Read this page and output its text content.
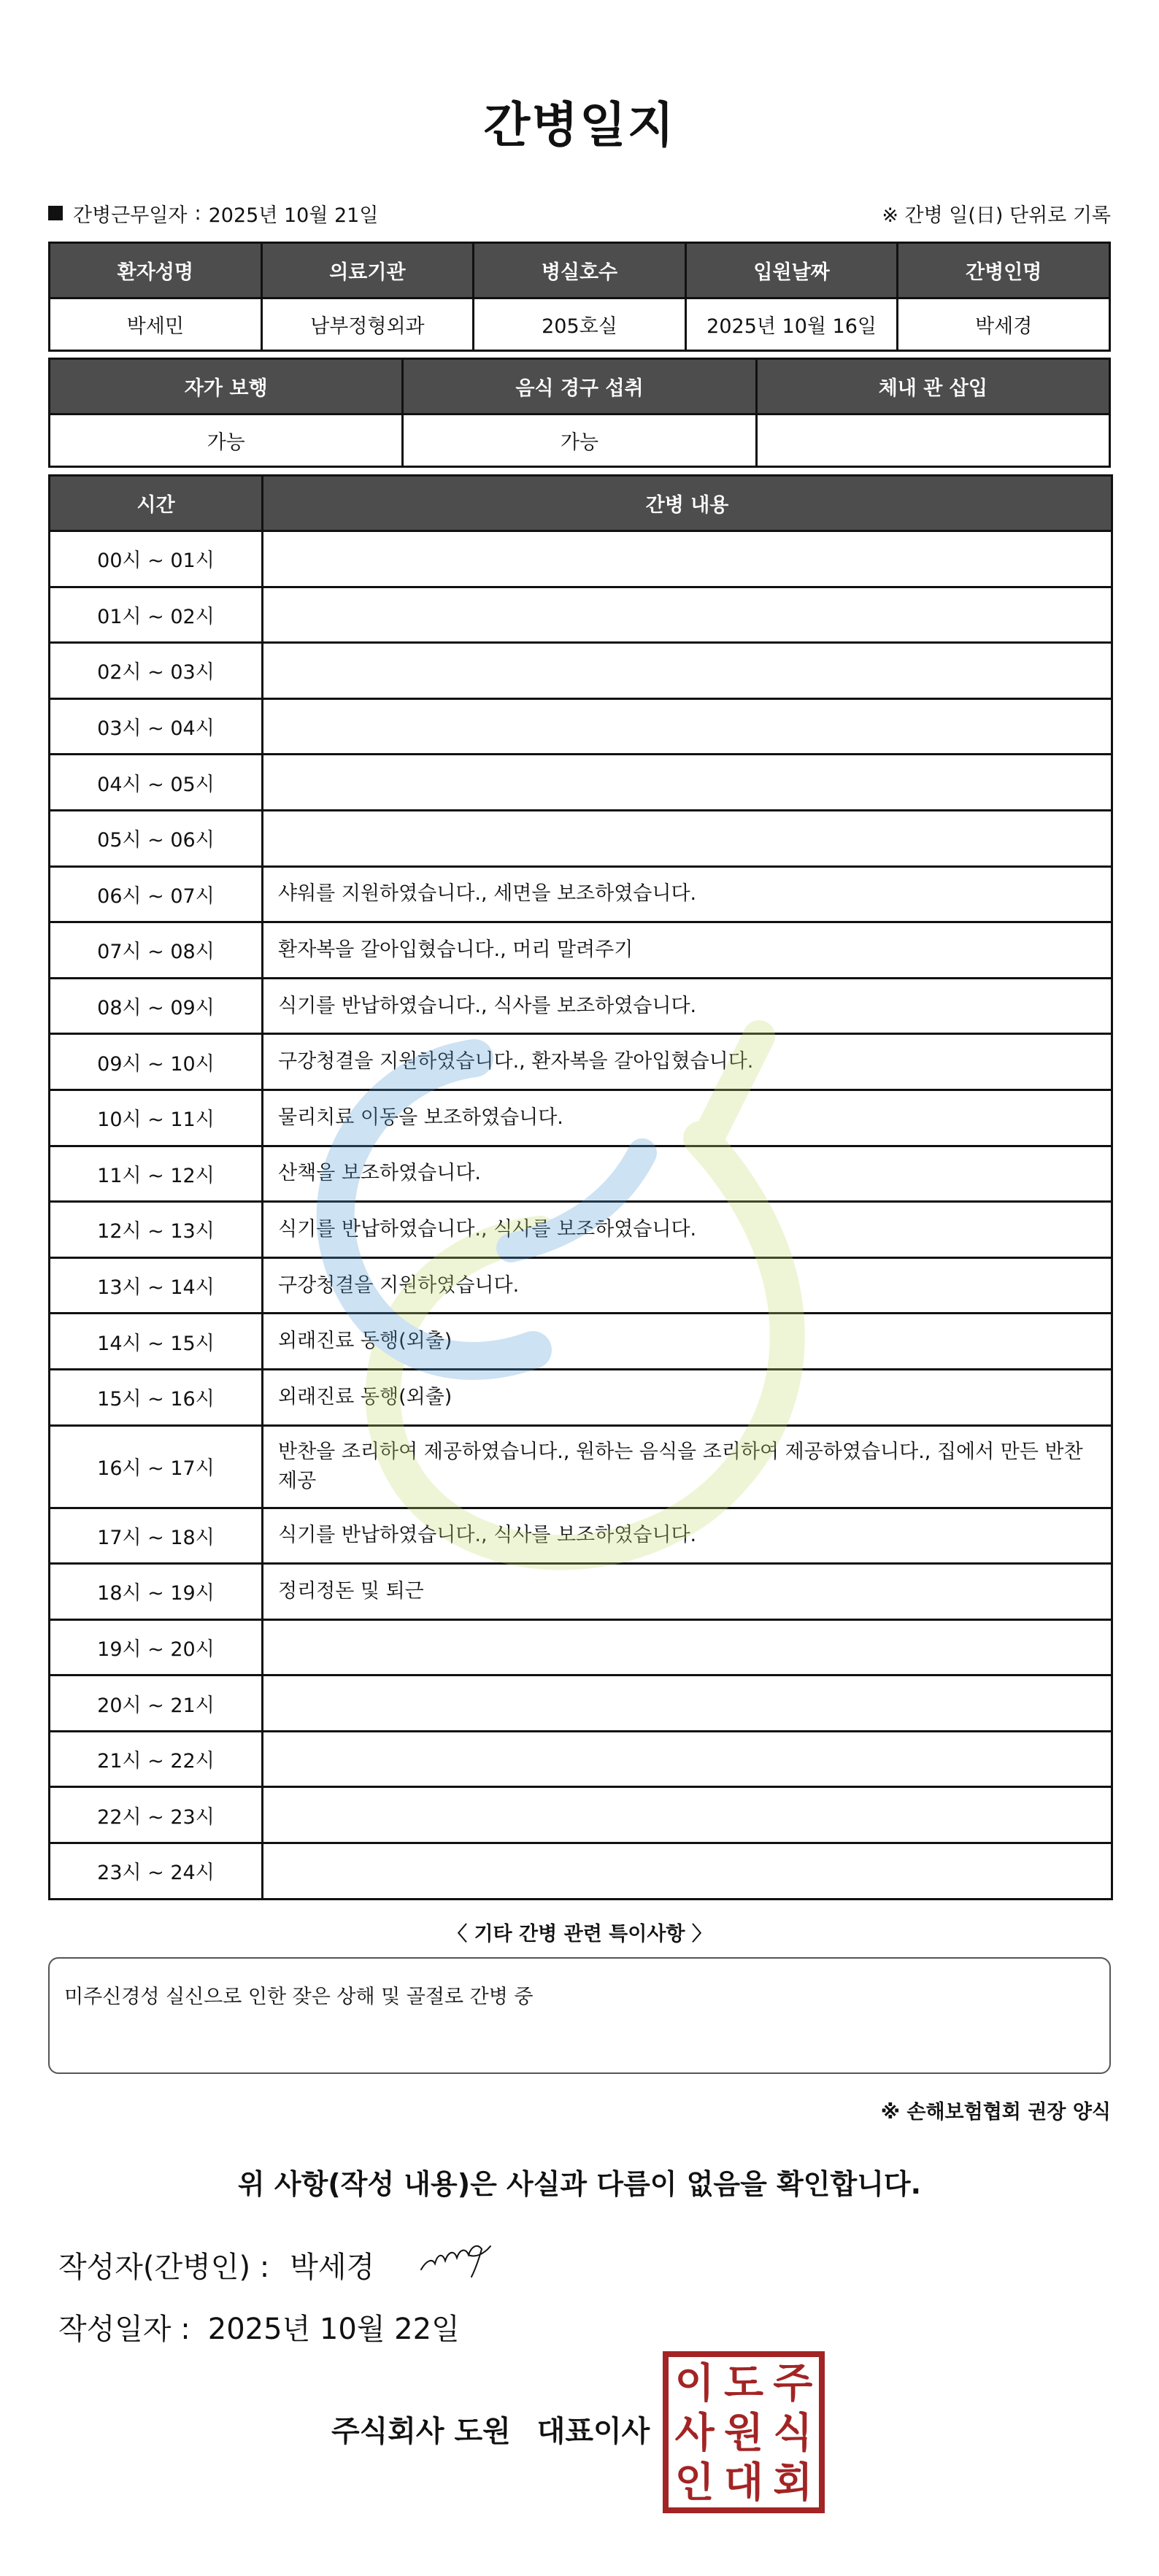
간병일지
간병근무일자 : 2025년 10월 21일	※ 간병 일(日) 단위로 기록
환자성명	의료기관	병실호수	입원날짜	간병인명
박세민	남부정형외과	205호실	2025년 10월 16일	박세경
자가 보행	음식 경구 섭취	체내 관 삽입
가능	가능	
시간	간병 내용
00시 ~ 01시	
01시 ~ 02시	
02시 ~ 03시	
03시 ~ 04시	
04시 ~ 05시	
05시 ~ 06시	
06시 ~ 07시	샤워를 지원하였습니다., 세면을 보조하였습니다.
07시 ~ 08시	환자복을 갈아입혔습니다., 머리 말려주기
08시 ~ 09시	식기를 반납하였습니다., 식사를 보조하였습니다.
09시 ~ 10시	구강청결을 지원하였습니다., 환자복을 갈아입혔습니다.
10시 ~ 11시	물리치료 이동을 보조하였습니다.
11시 ~ 12시	산책을 보조하였습니다.
12시 ~ 13시	식기를 반납하였습니다., 식사를 보조하였습니다.
13시 ~ 14시	구강청결을 지원하였습니다.
14시 ~ 15시	외래진료 동행(외출)
15시 ~ 16시	외래진료 동행(외출)
16시 ~ 17시	반찬을 조리하여 제공하였습니다., 원하는 음식을 조리하여 제공하였습니다., 집에서 만든 반찬 제공
17시 ~ 18시	식기를 반납하였습니다., 식사를 보조하였습니다.
18시 ~ 19시	정리정돈 및 퇴근
19시 ~ 20시	
20시 ~ 21시	
21시 ~ 22시	
22시 ~ 23시	
23시 ~ 24시	
〈 기타 간병 관련 특이사항 〉
미주신경성 실신으로 인한 잦은 상해 및 골절로 간병 중
※ 손해보험협회 권장 양식
위 사항(작성 내용)은 사실과 다름이 없음을 확인합니다.
작성자(간병인) : 박세경
작성일자 : 2025년 10월 22일
주식회사 도원 대표이사
이 도 주
사 원 식
인 대 회
